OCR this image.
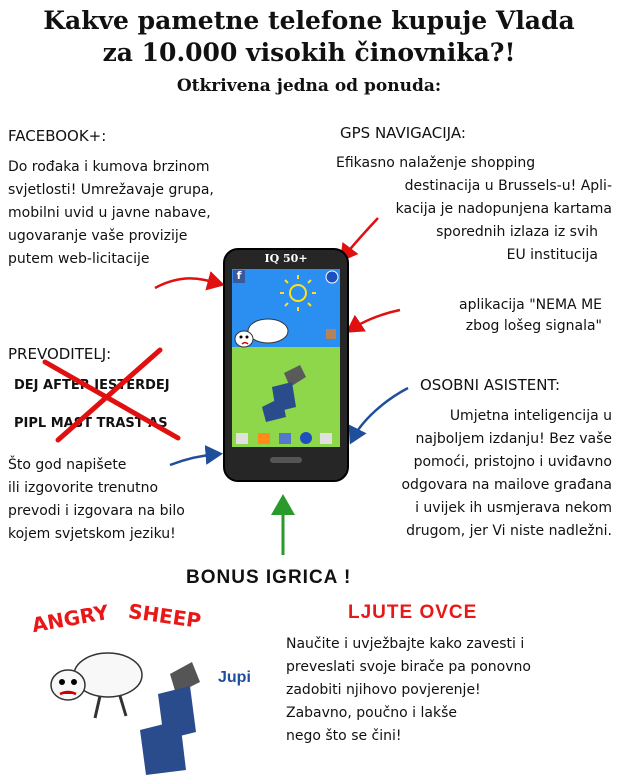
Kakve pametne telefone kupuje Vlada
za 10.000 visokih činovnika?!
Otkrivena jedna od ponuda:
FACEBOOK+:
Do rođaka i kumova brzinom
svjetlosti! Umrežavaje grupa,
mobilni uvid u javne nabave,
ugovaranje vaše provizije
putem web-licitacije
GPS NAVIGACIJA:
Efikasno nalaženje shopping
destinacija u Brussels-u! Apli-
kacija je nadopunjena kartama
sporednih izlaza iz svih
EU institucija
aplikacija "NEMA ME
zbog lošeg signala"
PREVODITELJ:
DEJ AFTER JESTERDEJ
PIPL MAST TRAST AS
Što god napišete
ili izgovorite trenutno
prevodi i izgovara na bilo
kojem svjetskom jeziku!
OSOBNI ASISTENT:
Umjetna inteligencija u
najboljem izdanju! Bez vaše
pomoći, pristojno i uviđavno
odgovara na mailove građana
i uvijek ih usmjerava nekom
drugom, jer Vi niste nadležni.
IQ 50+
f
BONUS IGRICA !
ANGRY SHEEP
Jupi
LJUTE OVCE
Naučite i uvježbajte kako zavesti i
preveslati svoje birače pa ponovno
zadobiti njihovo povjerenje!
Zabavno, poučno i lakše
nego što se čini!
